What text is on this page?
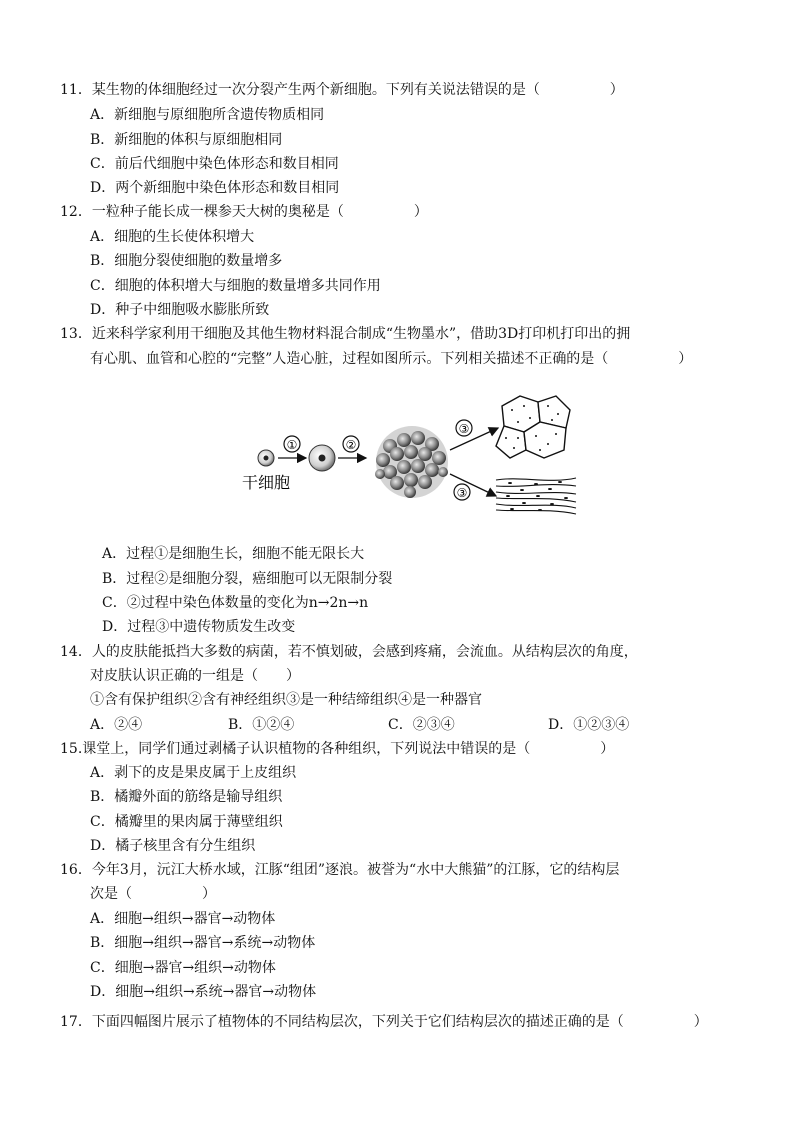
11．某生物的体细胞经过一次分裂产生两个新细胞。下列有关说法错误的是（　　　　　）
A．新细胞与原细胞所含遗传物质相同
B．新细胞的体积与原细胞相同
C．前后代细胞中染色体形态和数目相同
D．两个新细胞中染色体形态和数目相同
12．一粒种子能长成一棵参天大树的奥秘是（　　　　　）
A．细胞的生长使体积增大
B．细胞分裂使细胞的数量增多
C．细胞的体积增大与细胞的数量增多共同作用
D．种子中细胞吸水膨胀所致
13．近来科学家利用干细胞及其他生物材料混合制成“生物墨水”，借助3D打印机打印出的拥
有心肌、血管和心腔的“完整”人造心脏，过程如图所示。下列相关描述不正确的是（　　　　　）
①	②
③
③
干细胞
A．过程①是细胞生长，细胞不能无限长大
B．过程②是细胞分裂，癌细胞可以无限制分裂
C．②过程中染色体数量的变化为n→2n→n
D．过程③中遗传物质发生改变
14．人的皮肤能抵挡大多数的病菌，若不慎划破，会感到疼痛，会流血。从结构层次的角度，
对皮肤认识正确的一组是（　　）
①含有保护组织②含有神经组织③是一种结缔组织④是一种器官
A．②④	B．①②④	C．②③④	D．①②③④
15.课堂上，同学们通过剥橘子认识植物的各种组织，下列说法中错误的是（　　　　　）
A．剥下的皮是果皮属于上皮组织
B．橘瓣外面的筋络是输导组织
C．橘瓣里的果肉属于薄壁组织
D．橘子核里含有分生组织
16．今年3月，沅江大桥水域，江豚“组团”逐浪。被誉为“水中大熊猫”的江豚，它的结构层
次是（　　　　　）
A．细胞→组织→器官→动物体
B．细胞→组织→器官→系统→动物体
C．细胞→器官→组织→动物体
D．细胞→组织→系统→器官→动物体
17．下面四幅图片展示了植物体的不同结构层次，下列关于它们结构层次的描述正确的是（　　　　　）
